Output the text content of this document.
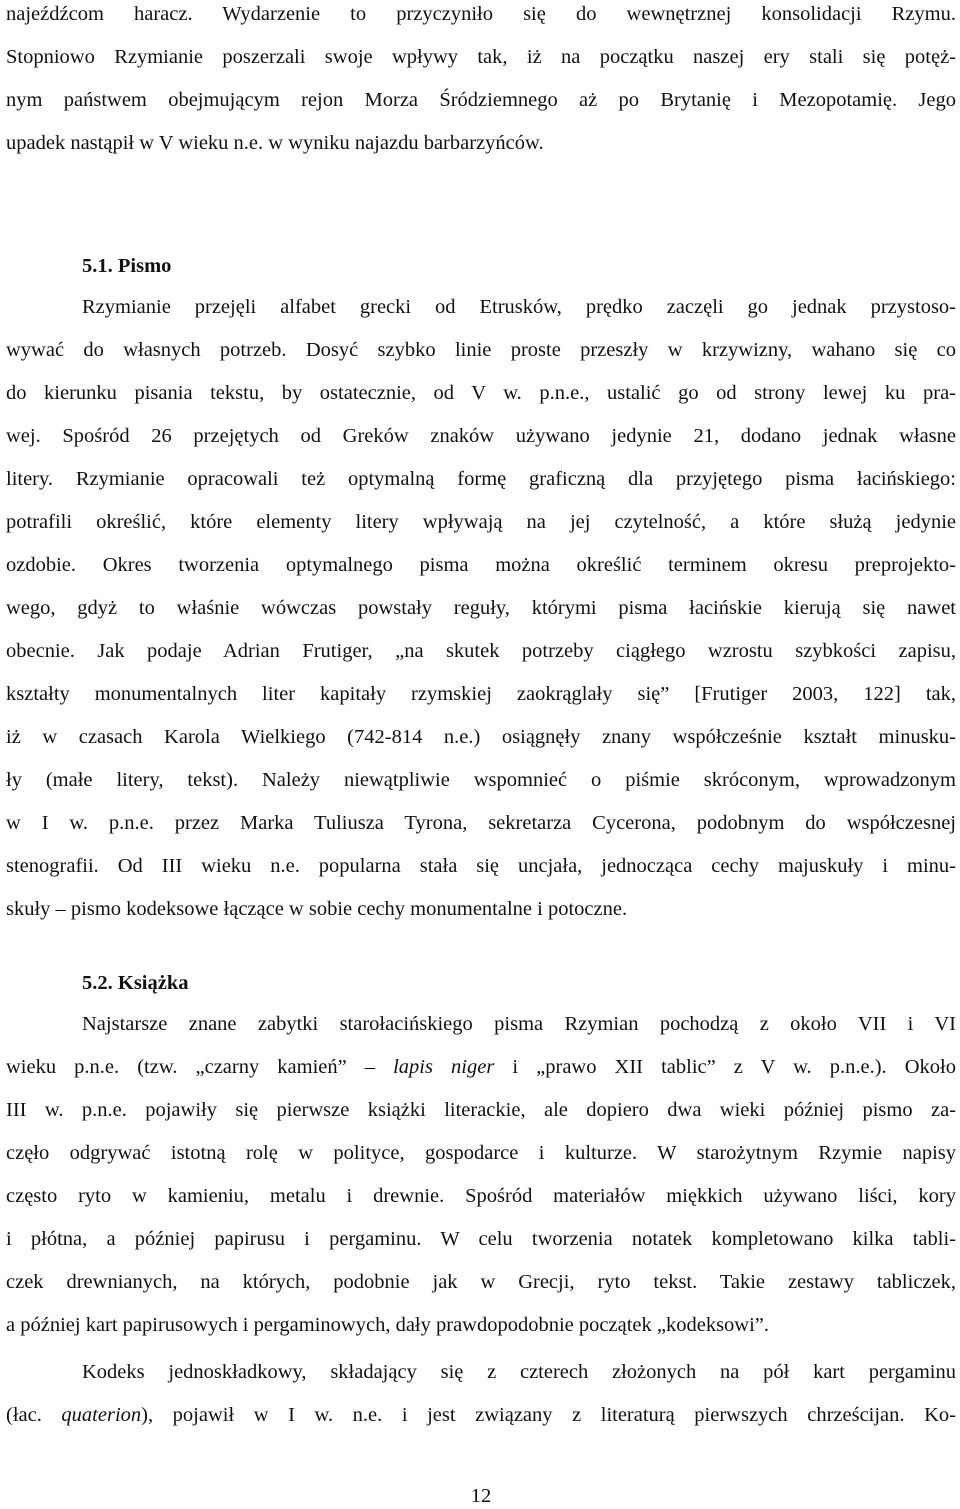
najeźdźcom haracz. Wydarzenie to przyczyniło się do wewnętrznej konsolidacji Rzymu.

Stopniowo Rzymianie poszerzali swoje wpływy tak, iż na początku naszej ery stali się potęż-

nym państwem obejmującym rejon Morza Śródziemnego aż po Brytanię i Mezopotamię. Jego

upadek nastąpił w V wieku n.e. w wyniku najazdu barbarzyńców.

5.1. Pismo

Rzymianie przejęli alfabet grecki od Etrusków, prędko zaczęli go jednak przystoso-

wywać do własnych potrzeb. Dosyć szybko linie proste przeszły w krzywizny, wahano się co

do kierunku pisania tekstu, by ostatecznie, od V w. p.n.e., ustalić go od strony lewej ku pra-

wej. Spośród 26 przejętych od Greków znaków używano jedynie 21, dodano jednak własne

litery. Rzymianie opracowali też optymalną formę graficzną dla przyjętego pisma łacińskiego:

potrafili określić, które elementy litery wpływają na jej czytelność, a które służą jedynie

ozdobie. Okres tworzenia optymalnego pisma można określić terminem okresu preprojekto-

wego, gdyż to właśnie wówczas powstały reguły, którymi pisma łacińskie kierują się nawet

obecnie. Jak podaje Adrian Frutiger, „na skutek potrzeby ciągłego wzrostu szybkości zapisu,

kształty monumentalnych liter kapitały rzymskiej zaokrąglały się” [Frutiger 2003, 122] tak,

iż w czasach Karola Wielkiego (742-814 n.e.) osiągnęły znany współcześnie kształt minusku-

ły (małe litery, tekst). Należy niewątpliwie wspomnieć o piśmie skróconym, wprowadzonym

w I w. p.n.e. przez Marka Tuliusza Tyrona, sekretarza Cycerona, podobnym do współczesnej

stenografii. Od III wieku n.e. popularna stała się uncjała, jednocząca cechy majuskuły i minu-

skuły – pismo kodeksowe łączące w sobie cechy monumentalne i potoczne.

5.2. Książka

Najstarsze znane zabytki starołacińskiego pisma Rzymian pochodzą z około VII i VI

wieku p.n.e. (tzw. „czarny kamień” – lapis niger i „prawo XII tablic” z V w. p.n.e.). Około

III w. p.n.e. pojawiły się pierwsze książki literackie, ale dopiero dwa wieki później pismo za-

częło odgrywać istotną rolę w polityce, gospodarce i kulturze. W starożytnym Rzymie napisy

często ryto w kamieniu, metalu i drewnie. Spośród materiałów miękkich używano liści, kory

i płótna, a później papirusu i pergaminu. W celu tworzenia notatek kompletowano kilka tabli-

czek drewnianych, na których, podobnie jak w Grecji, ryto tekst. Takie zestawy tabliczek,

a później kart papirusowych i pergaminowych, dały prawdopodobnie początek „kodeksowi”.

Kodeks jednoskładkowy, składający się z czterech złożonych na pół kart pergaminu

(łac. quaterion), pojawił w I w. n.e. i jest związany z literaturą pierwszych chrześcijan. Ko-

12
